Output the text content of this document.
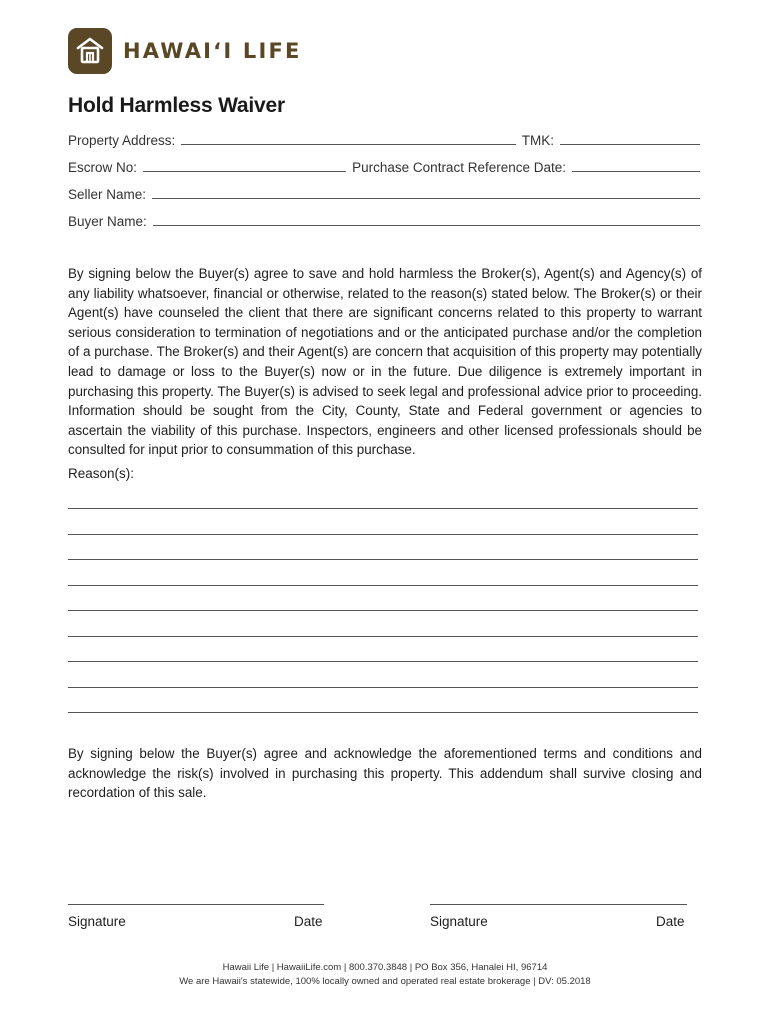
HAWAI‘I LIFE
Hold Harmless Waiver
Property Address:	TMK:
Escrow No:	Purchase Contract Reference Date:
Seller Name:
Buyer Name:
By signing below the Buyer(s) agree to save and hold harmless the Broker(s), Agent(s) and Agency(s) of any liability whatsoever, financial or otherwise, related to the reason(s) stated below. The Broker(s) or their Agent(s) have counseled the client that there are significant concerns related to this property to warrant serious consideration to termination of negotiations and or the anticipated purchase and/or the completion of a purchase. The Broker(s) and their Agent(s) are concern that acquisition of this property may potentially lead to damage or loss to the Buyer(s) now or in the future. Due diligence is extremely important in purchasing this property. The Buyer(s) is advised to seek legal and professional advice prior to proceeding. Information should be sought from the City, County, State and Federal government or agencies to ascertain the viability of this purchase. Inspectors, engineers and other licensed professionals should be consulted for input prior to consummation of this purchase.
Reason(s):
By signing below the Buyer(s) agree and acknowledge the aforementioned terms and conditions and acknowledge the risk(s) involved in purchasing this property. This addendum shall survive closing and recordation of this sale.
Signature	Date	Signature	Date
Hawaii Life | HawaiiLife.com | 800.370.3848 | PO Box 356, Hanalei HI, 96714
We are Hawaii's statewide, 100% locally owned and operated real estate brokerage | DV: 05.2018
